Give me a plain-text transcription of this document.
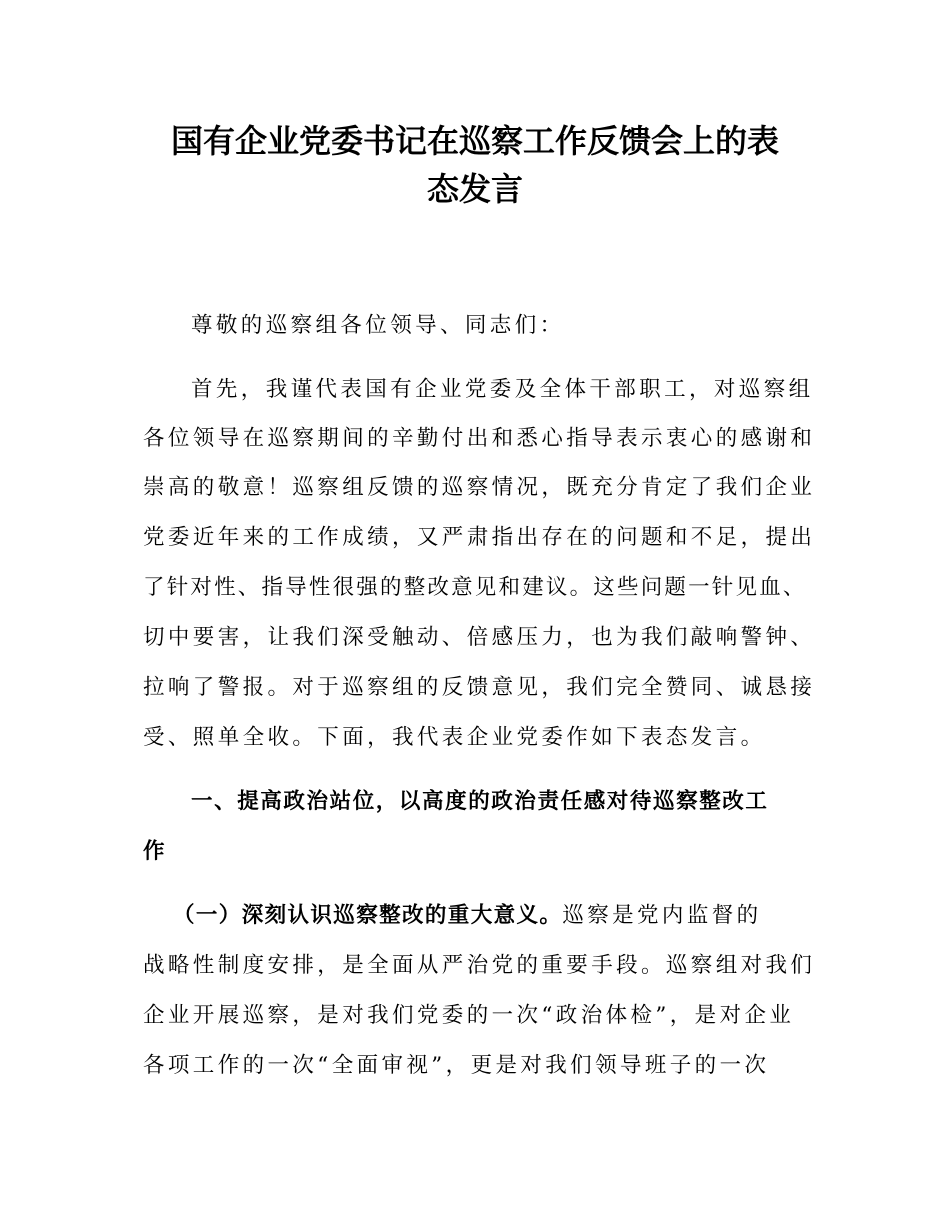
国有企业党委书记在巡察工作反馈会上的表
态发言

尊敬的巡察组各位领导、同志们：

首先，我谨代表国有企业党委及全体干部职工，对巡察组

各位领导在巡察期间的辛勤付出和悉心指导表示衷心的感谢和

崇高的敬意！巡察组反馈的巡察情况，既充分肯定了我们企业

党委近年来的工作成绩，又严肃指出存在的问题和不足，提出

了针对性、指导性很强的整改意见和建议。这些问题一针见血、

切中要害，让我们深受触动、倍感压力，也为我们敲响警钟、

拉响了警报。对于巡察组的反馈意见，我们完全赞同、诚恳接

受、照单全收。下面，我代表企业党委作如下表态发言。

一、提高政治站位，以高度的政治责任感对待巡察整改工

作

（一）深刻认识巡察整改的重大意义。巡察是党内监督的

战略性制度安排，是全面从严治党的重要手段。巡察组对我们

企业开展巡察，是对我们党委的一次“政治体检”，是对企业

各项工作的一次“全面审视”，更是对我们领导班子的一次
